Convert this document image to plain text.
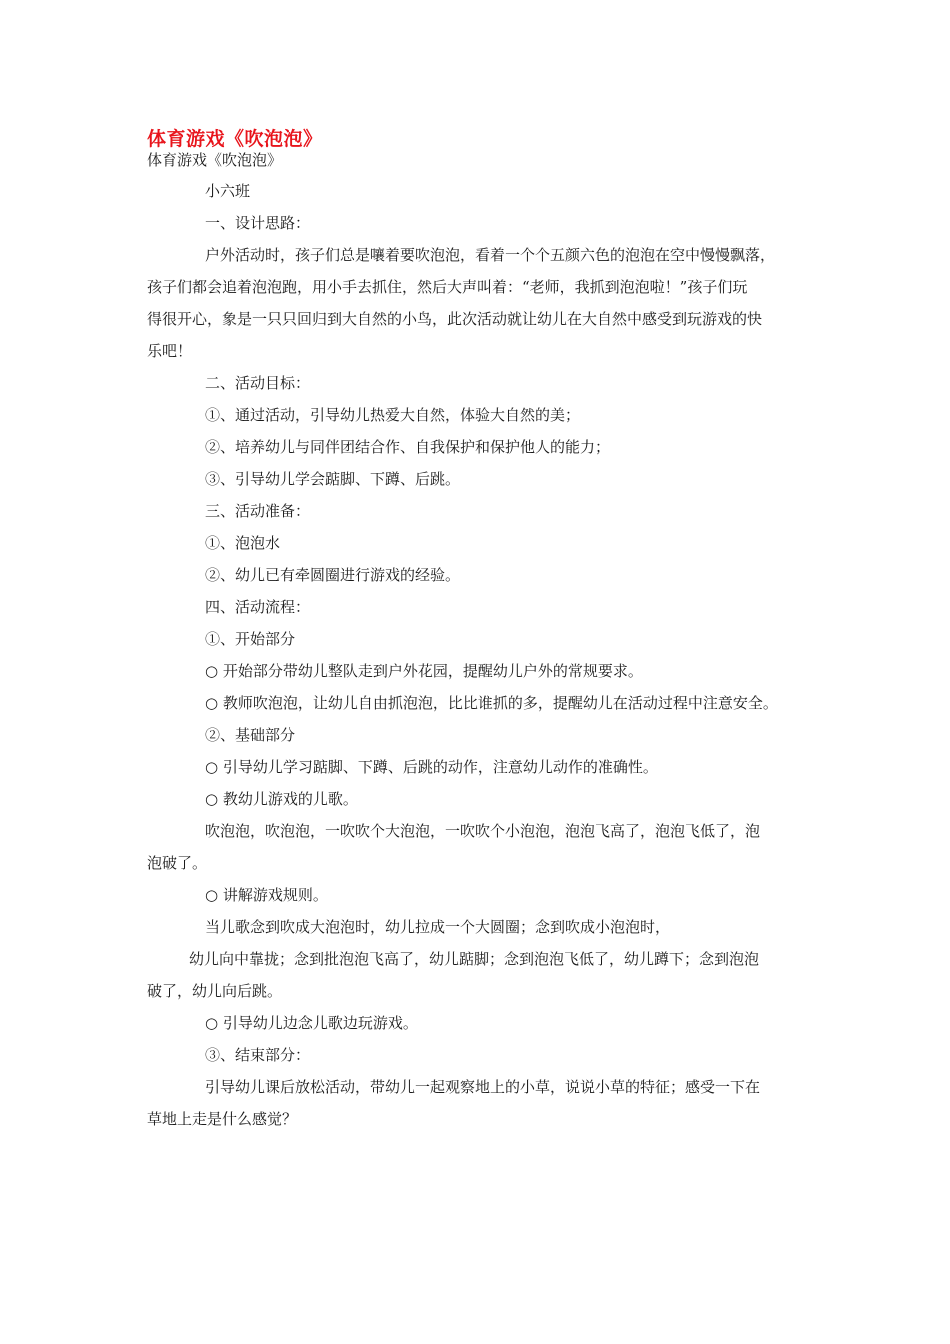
体育游戏《吹泡泡》

体育游戏《吹泡泡》

小六班

一、设计思路：

户外活动时，孩子们总是嚷着要吹泡泡，看着一个个五颜六色的泡泡在空中慢慢飘落，

孩子们都会追着泡泡跑，用小手去抓住，然后大声叫着：“老师，我抓到泡泡啦！”孩子们玩

得很开心，象是一只只回归到大自然的小鸟，此次活动就让幼儿在大自然中感受到玩游戏的快

乐吧！

二、活动目标：

①、通过活动，引导幼儿热爱大自然，体验大自然的美；

②、培养幼儿与同伴团结合作、自我保护和保护他人的能力；

③、引导幼儿学会踮脚、下蹲、后跳。

三、活动准备：

①、泡泡水

②、幼儿已有牵圆圈进行游戏的经验。

四、活动流程：

①、开始部分

○ 开始部分带幼儿整队走到户外花园，提醒幼儿户外的常规要求。

○ 教师吹泡泡，让幼儿自由抓泡泡，比比谁抓的多，提醒幼儿在活动过程中注意安全。

②、基础部分

○ 引导幼儿学习踮脚、下蹲、后跳的动作，注意幼儿动作的准确性。

○ 教幼儿游戏的儿歌。

吹泡泡，吹泡泡，一吹吹个大泡泡，一吹吹个小泡泡，泡泡飞高了，泡泡飞低了，泡

泡破了。

○ 讲解游戏规则。

当儿歌念到吹成大泡泡时，幼儿拉成一个大圆圈；念到吹成小泡泡时，

幼儿向中靠拢；念到批泡泡飞高了，幼儿踮脚；念到泡泡飞低了，幼儿蹲下；念到泡泡

破了，幼儿向后跳。

○ 引导幼儿边念儿歌边玩游戏。

③、结束部分：

引导幼儿课后放松活动，带幼儿一起观察地上的小草，说说小草的特征；感受一下在

草地上走是什么感觉？
